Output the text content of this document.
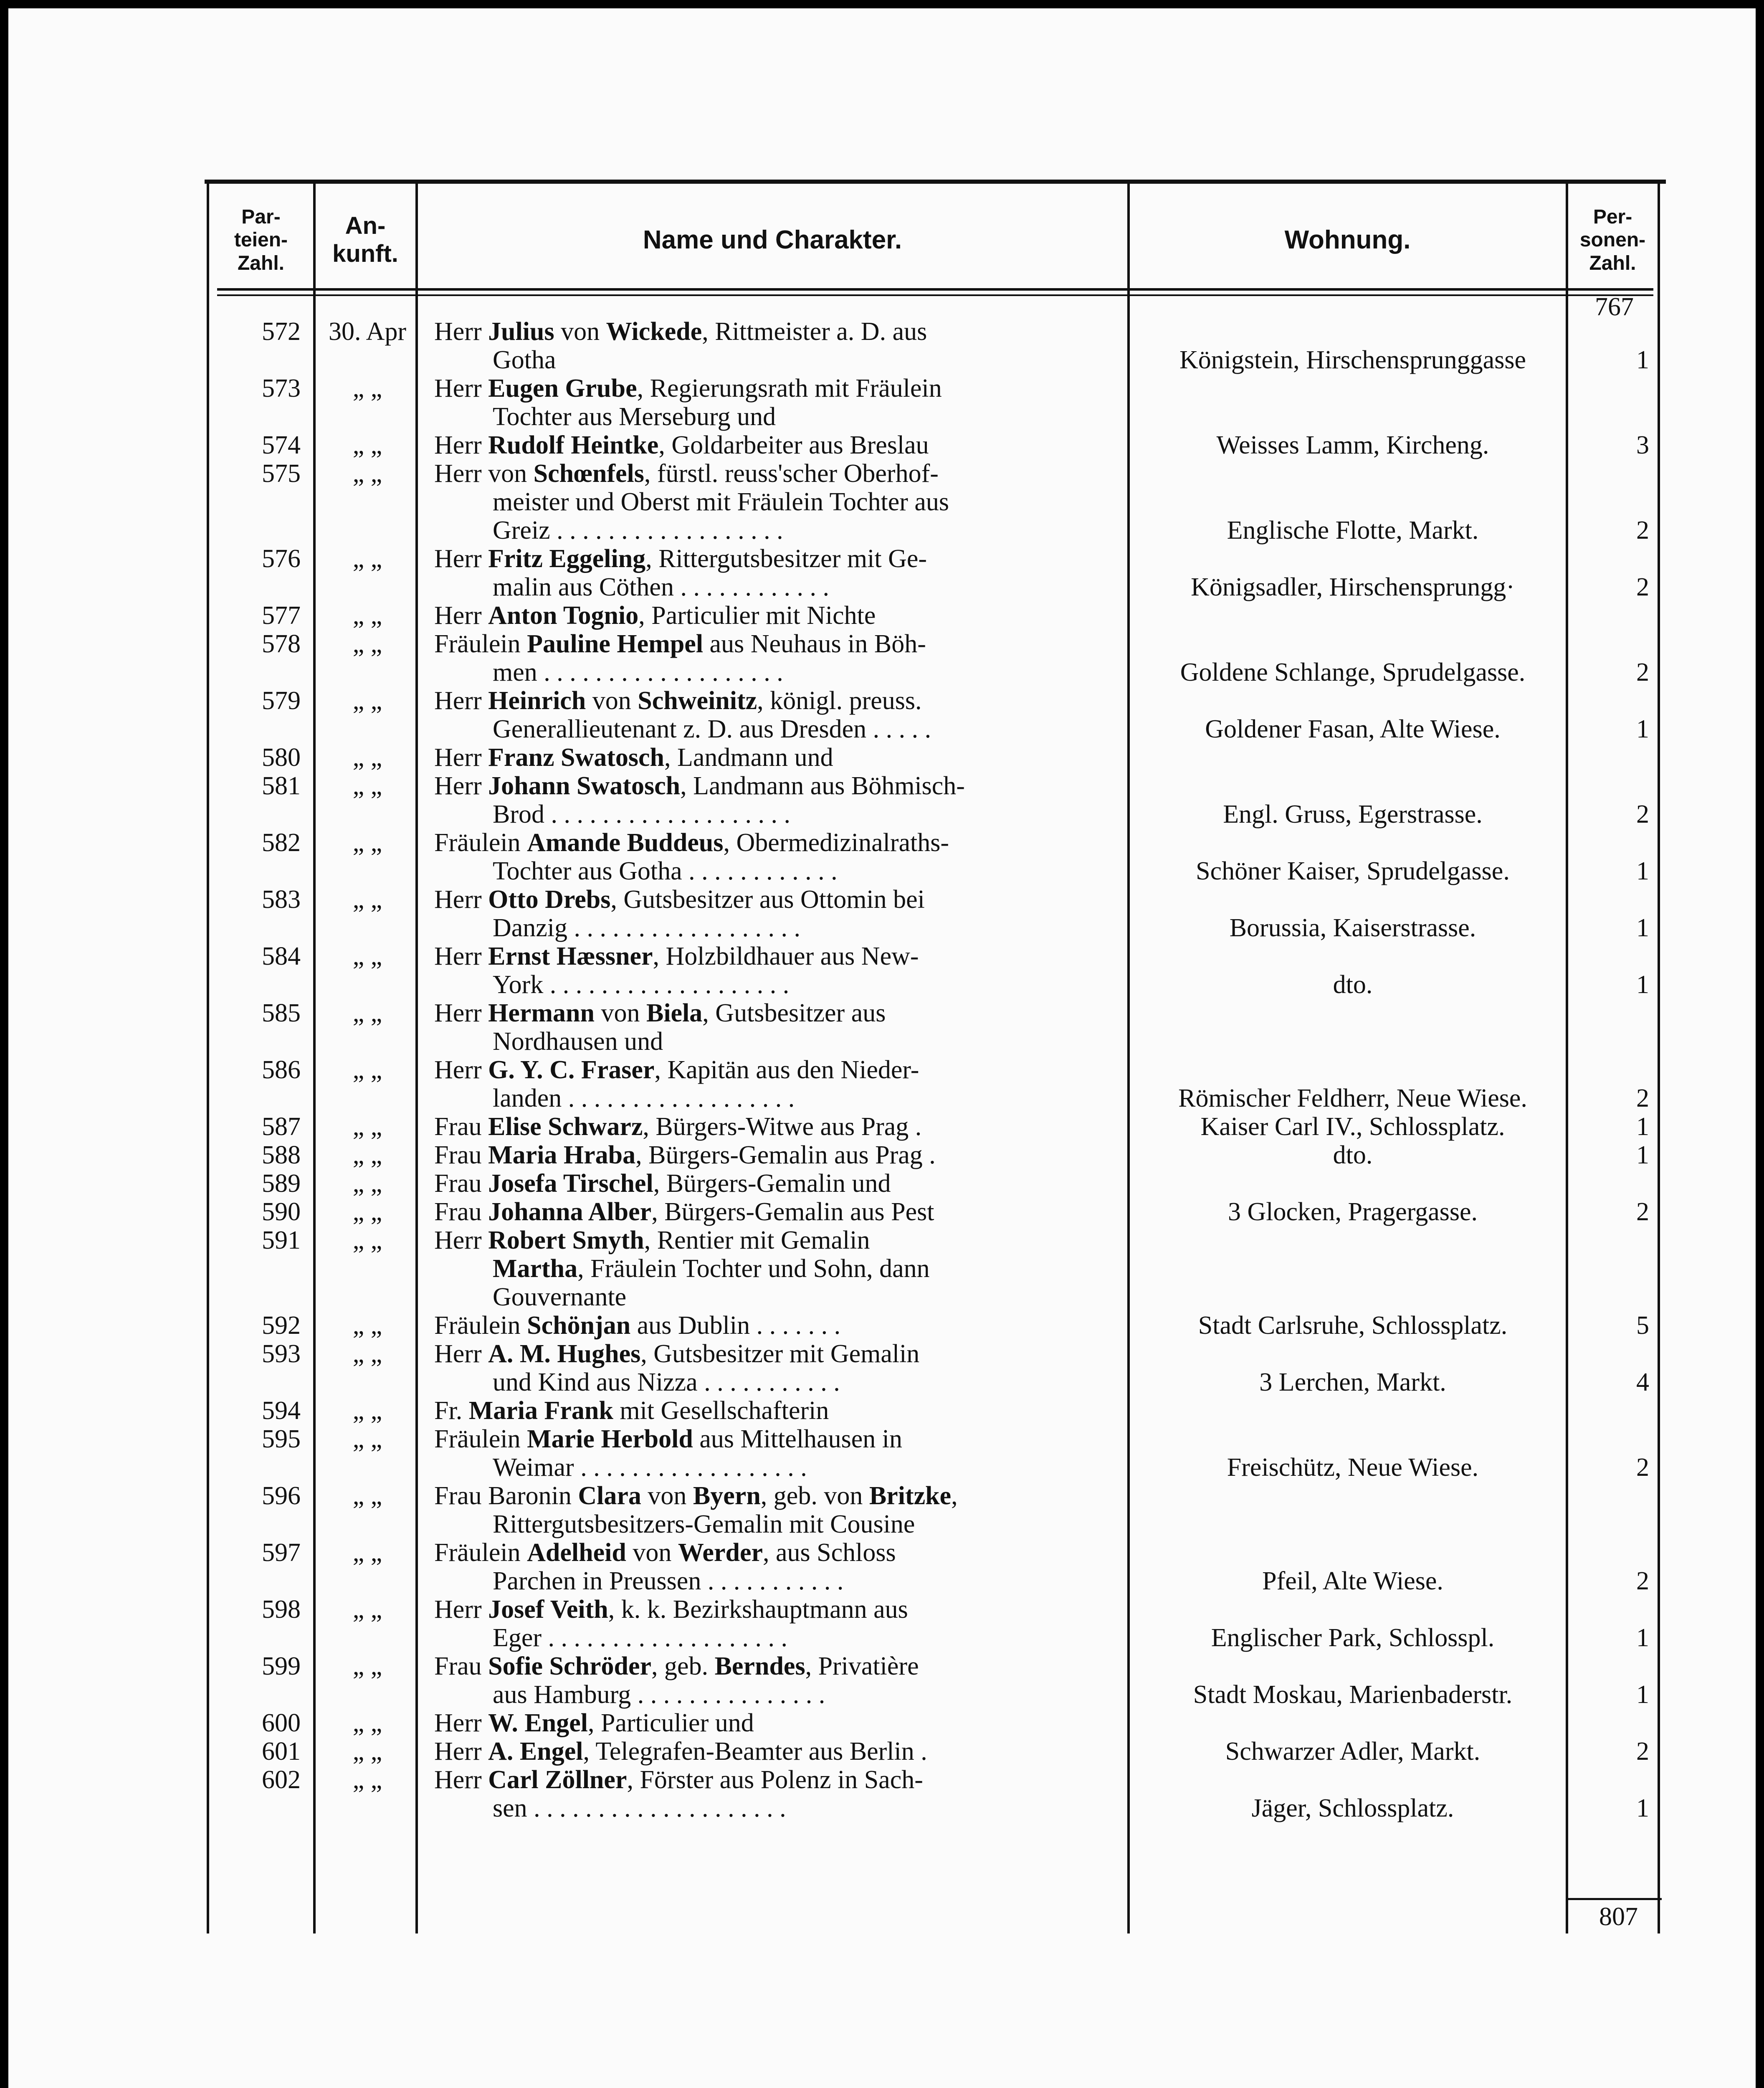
Par-
teien-
Zahl.
An-
kunft.	Name und Charakter.	Wohnung.
Per-
sonen-
Zahl.
767
807
572 30. Apr Herr Julius von Wickede, Rittmeister a. D. aus
Gotha	Königstein, Hirschensprunggasse	1
573	„ „	Herr Eugen Grube, Regierungsrath mit Fräulein
Tochter aus Merseburg und
574	„ „	Herr Rudolf Heintke, Goldarbeiter aus Breslau	Weisses Lamm, Kircheng.	3
575	„ „	Herr von Schœnfels, fürstl. reuss'scher Oberhof-
meister und Oberst mit Fräulein Tochter aus
Greiz . . . . . . . . . . . . . . . . . .	Englische Flotte, Markt.	2
576	„ „	Herr Fritz Eggeling, Rittergutsbesitzer mit Ge-
malin aus Cöthen . . . . . . . . . . . .	Königsadler, Hirschensprungg·	2
577	„ „	Herr Anton Tognio, Particulier mit Nichte
578	„ „	Fräulein Pauline Hempel aus Neuhaus in Böh-
men . . . . . . . . . . . . . . . . . . .	Goldene Schlange, Sprudelgasse.	2
579	„ „	Herr Heinrich von Schweinitz, königl. preuss.
Generallieutenant z. D. aus Dresden . . . . .	Goldener Fasan, Alte Wiese.	1
580	„ „	Herr Franz Swatosch, Landmann und
581	„ „	Herr Johann Swatosch, Landmann aus Böhmisch-
Brod . . . . . . . . . . . . . . . . . . .	Engl. Gruss, Egerstrasse.	2
582	„ „	Fräulein Amande Buddeus, Obermedizinalraths-
Tochter aus Gotha . . . . . . . . . . . .	Schöner Kaiser, Sprudelgasse.	1
583	„ „	Herr Otto Drebs, Gutsbesitzer aus Ottomin bei
Danzig . . . . . . . . . . . . . . . . . .	Borussia, Kaiserstrasse.	1
584	„ „	Herr Ernst Hæssner, Holzbildhauer aus New-
York . . . . . . . . . . . . . . . . . . .	dto.	1
585	„ „	Herr Hermann von Biela, Gutsbesitzer aus
Nordhausen und
586	„ „	Herr G. Y. C. Fraser, Kapitän aus den Nieder-
landen . . . . . . . . . . . . . . . . . .	Römischer Feldherr, Neue Wiese.	2
587	„ „	Frau Elise Schwarz, Bürgers-Witwe aus Prag .	Kaiser Carl IV., Schlossplatz.	1
588	„ „	Frau Maria Hraba, Bürgers-Gemalin aus Prag .	dto.	1
589	„ „	Frau Josefa Tirschel, Bürgers-Gemalin und
590	„ „	Frau Johanna Alber, Bürgers-Gemalin aus Pest	3 Glocken, Pragergasse.	2
591	„ „	Herr Robert Smyth, Rentier mit Gemalin
Martha, Fräulein Tochter und Sohn, dann
Gouvernante
592	„ „	Fräulein Schönjan aus Dublin . . . . . . .	Stadt Carlsruhe, Schlossplatz.	5
593	„ „	Herr A. M. Hughes, Gutsbesitzer mit Gemalin
und Kind aus Nizza . . . . . . . . . . .	3 Lerchen, Markt.	4
594	„ „	Fr. Maria Frank mit Gesellschafterin
595	„ „	Fräulein Marie Herbold aus Mittelhausen in
Weimar . . . . . . . . . . . . . . . . . .	Freischütz, Neue Wiese.	2
596	„ „	Frau Baronin Clara von Byern, geb. von Britzke,
Rittergutsbesitzers-Gemalin mit Cousine
597	„ „	Fräulein Adelheid von Werder, aus Schloss
Parchen in Preussen . . . . . . . . . . .	Pfeil, Alte Wiese.	2
598	„ „	Herr Josef Veith, k. k. Bezirkshauptmann aus
Eger . . . . . . . . . . . . . . . . . . .	Englischer Park, Schlosspl.	1
599	„ „	Frau Sofie Schröder, geb. Berndes, Privatière
aus Hamburg . . . . . . . . . . . . . . .	Stadt Moskau, Marienbaderstr.	1
600	„ „	Herr W. Engel, Particulier und
601	„ „	Herr A. Engel, Telegrafen-Beamter aus Berlin .	Schwarzer Adler, Markt.	2
602	„ „	Herr Carl Zöllner, Förster aus Polenz in Sach-
sen . . . . . . . . . . . . . . . . . . . .	Jäger, Schlossplatz.	1
